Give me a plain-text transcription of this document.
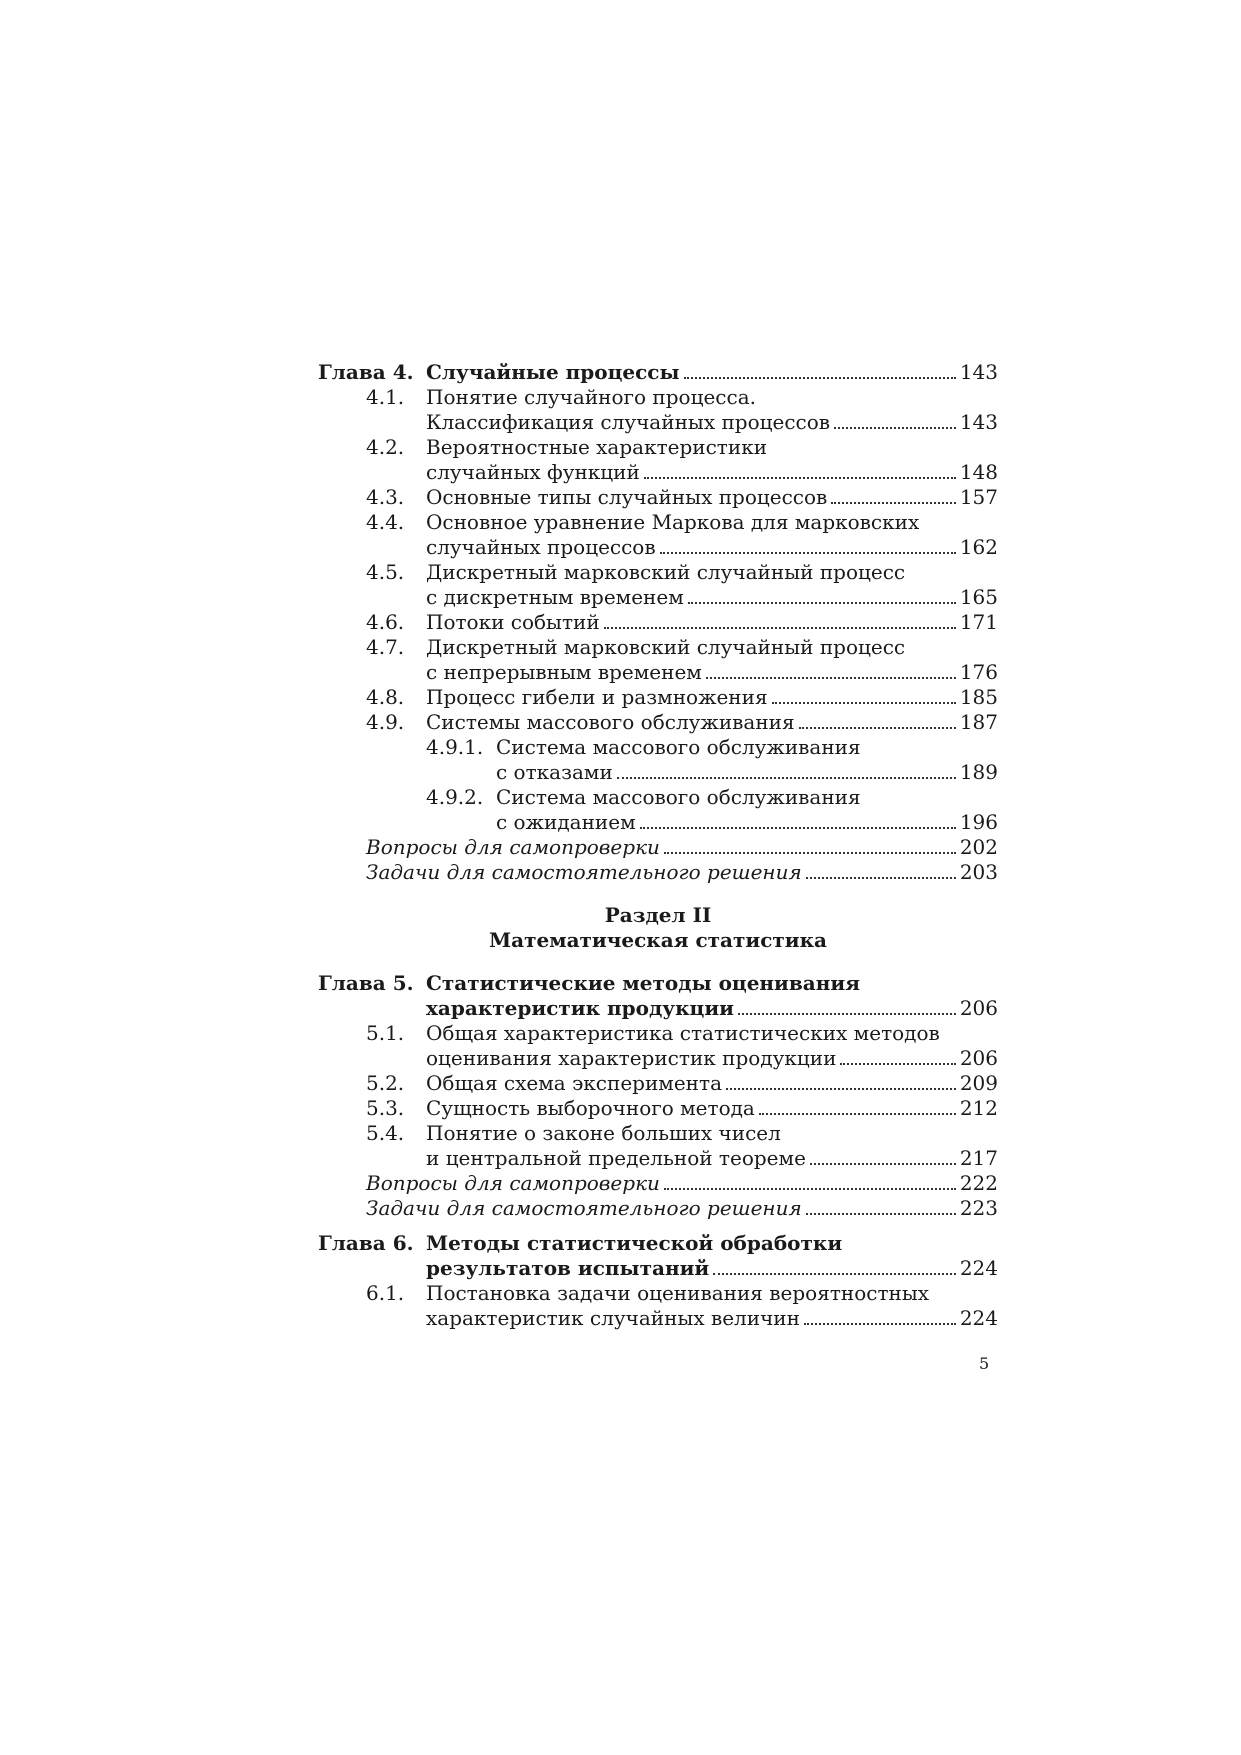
Глава 4. Случайные процессы	143
4.1. Понятие случайного процесса.
Классификация случайных процессов	143
4.2. Вероятностные характеристики
случайных функций	148
4.3. Основные типы случайных процессов	157
4.4. Основное уравнение Маркова для марковских
случайных процессов	162
4.5. Дискретный марковский случайный процесс
с дискретным временем	165
4.6. Потоки событий	171
4.7. Дискретный марковский случайный процесс
с непрерывным временем	176
4.8. Процесс гибели и размножения	185
4.9. Системы массового обслуживания	187
4.9.1. Система массового обслуживания
с отказами	189
4.9.2. Система массового обслуживания
с ожиданием	196
Вопросы для самопроверки	202
Задачи для самостоятельного решения	203
Раздел II
Математическая статистика
Глава 5. Статистические методы оценивания
характеристик продукции	206
5.1. Общая характеристика статистических методов
оценивания характеристик продукции	206
5.2. Общая схема эксперимента	209
5.3. Сущность выборочного метода	212
5.4. Понятие о законе больших чисел
и центральной предельной теореме	217
Вопросы для самопроверки	222
Задачи для самостоятельного решения	223
Глава 6. Методы статистической обработки
результатов испытаний	224
6.1. Постановка задачи оценивания вероятностных
характеристик случайных величин	224
5
